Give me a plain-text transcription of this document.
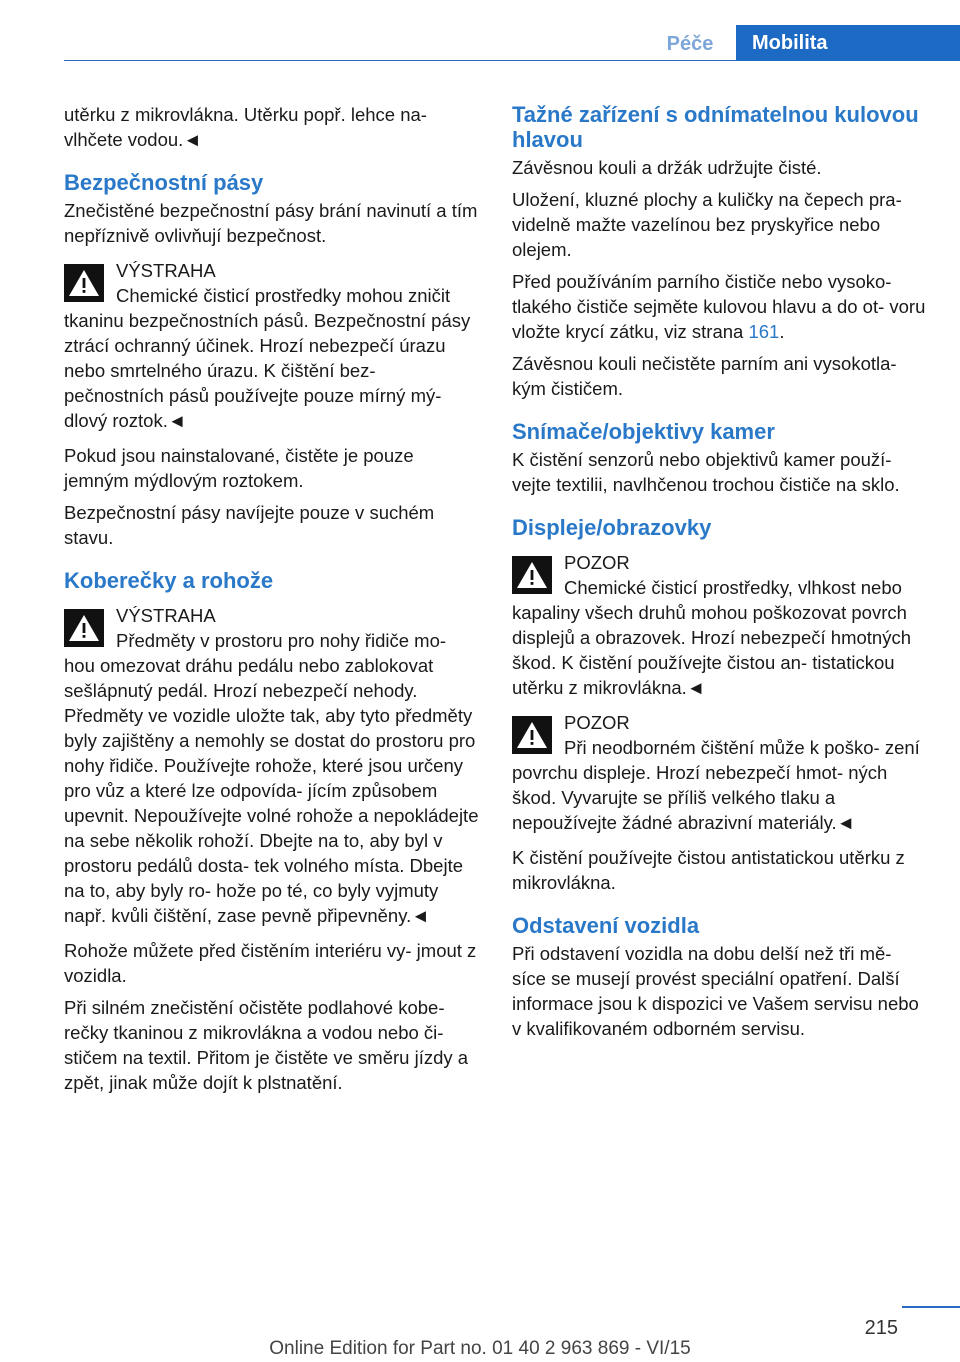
Péče	Mobilita

utěrku z mikrovlákna. Utěrku popř. lehce na‐ vlhčete vodou.◄

Bezpečnostní pásy

Znečistěné bezpečnostní pásy brání navinutí a tím nepříznivě ovlivňují bezpečnost.

VÝSTRAHA
Chemické čisticí prostředky mohou zničit tkaninu bezpečnostních pásů. Bezpečnostní pásy ztrácí ochranný účinek. Hrozí nebezpečí úrazu nebo smrtelného úrazu. K čištění bez‐ pečnostních pásů používejte pouze mírný mý‐ dlový roztok.◄

Pokud jsou nainstalované, čistěte je pouze jemným mýdlovým roztokem.

Bezpečnostní pásy navíjejte pouze v suchém stavu.

Koberečky a rohože
VÝSTRAHA
Předměty v prostoru pro nohy řidiče mo‐ hou omezovat dráhu pedálu nebo zablokovat sešlápnutý pedál. Hrozí nebezpečí nehody. Předměty ve vozidle uložte tak, aby tyto předměty byly zajištěny a nemohly se dostat do prostoru pro nohy řidiče. Používejte rohože, které jsou určeny pro vůz a které lze odpovída‐ jícím způsobem upevnit. Nepoužívejte volné rohože a nepokládejte na sebe několik rohoží. Dbejte na to, aby byl v prostoru pedálů dosta‐ tek volného místa. Dbejte na to, aby byly ro‐ hože po té, co byly vyjmuty např. kvůli čištění, zase pevně připevněny.◄

Rohože můžete před čistěním interiéru vy‐ jmout z vozidla.

Při silném znečistění očistěte podlahové kobe‐ rečky tkaninou z mikrovlákna a vodou nebo či‐ stičem na textil. Přitom je čistěte ve směru jízdy a zpět, jinak může dojít k plstnatění.

Tažné zařízení s odnímatelnou kulovou hlavou

Závěsnou kouli a držák udržujte čisté.

Uložení, kluzné plochy a kuličky na čepech pra‐ videlně mažte vazelínou bez pryskyřice nebo olejem.

Před používáním parního čističe nebo vysoko‐ tlakého čističe sejměte kulovou hlavu a do ot‐ voru vložte krycí zátku, viz strana 161.

Závěsnou kouli nečistěte parním ani vysokotla‐ kým čističem.

Snímače/objektivy kamer

K čistění senzorů nebo objektivů kamer použí‐ vejte textilii, navlhčenou trochou čističe na sklo.

Displeje/obrazovky
POZOR
Chemické čisticí prostředky, vlhkost nebo kapaliny všech druhů mohou poškozovat povrch displejů a obrazovek. Hrozí nebezpečí hmotných škod. K čistění používejte čistou an‐ tistatickou utěrku z mikrovlákna.◄
POZOR
Při neodborném čištění může k poško‐ zení povrchu displeje. Hrozí nebezpečí hmot‐ ných škod. Vyvarujte se příliš velkého tlaku a nepoužívejte žádné abrazivní materiály.◄

K čistění používejte čistou antistatickou utěrku z mikrovlákna.

Odstavení vozidla

Při odstavení vozidla na dobu delší než tři mě‐ síce se musejí provést speciální opatření. Další informace jsou k dispozici ve Vašem servisu nebo v kvalifikovaném odborném servisu.

215
Online Edition for Part no. 01 40 2 963 869 - VI/15
